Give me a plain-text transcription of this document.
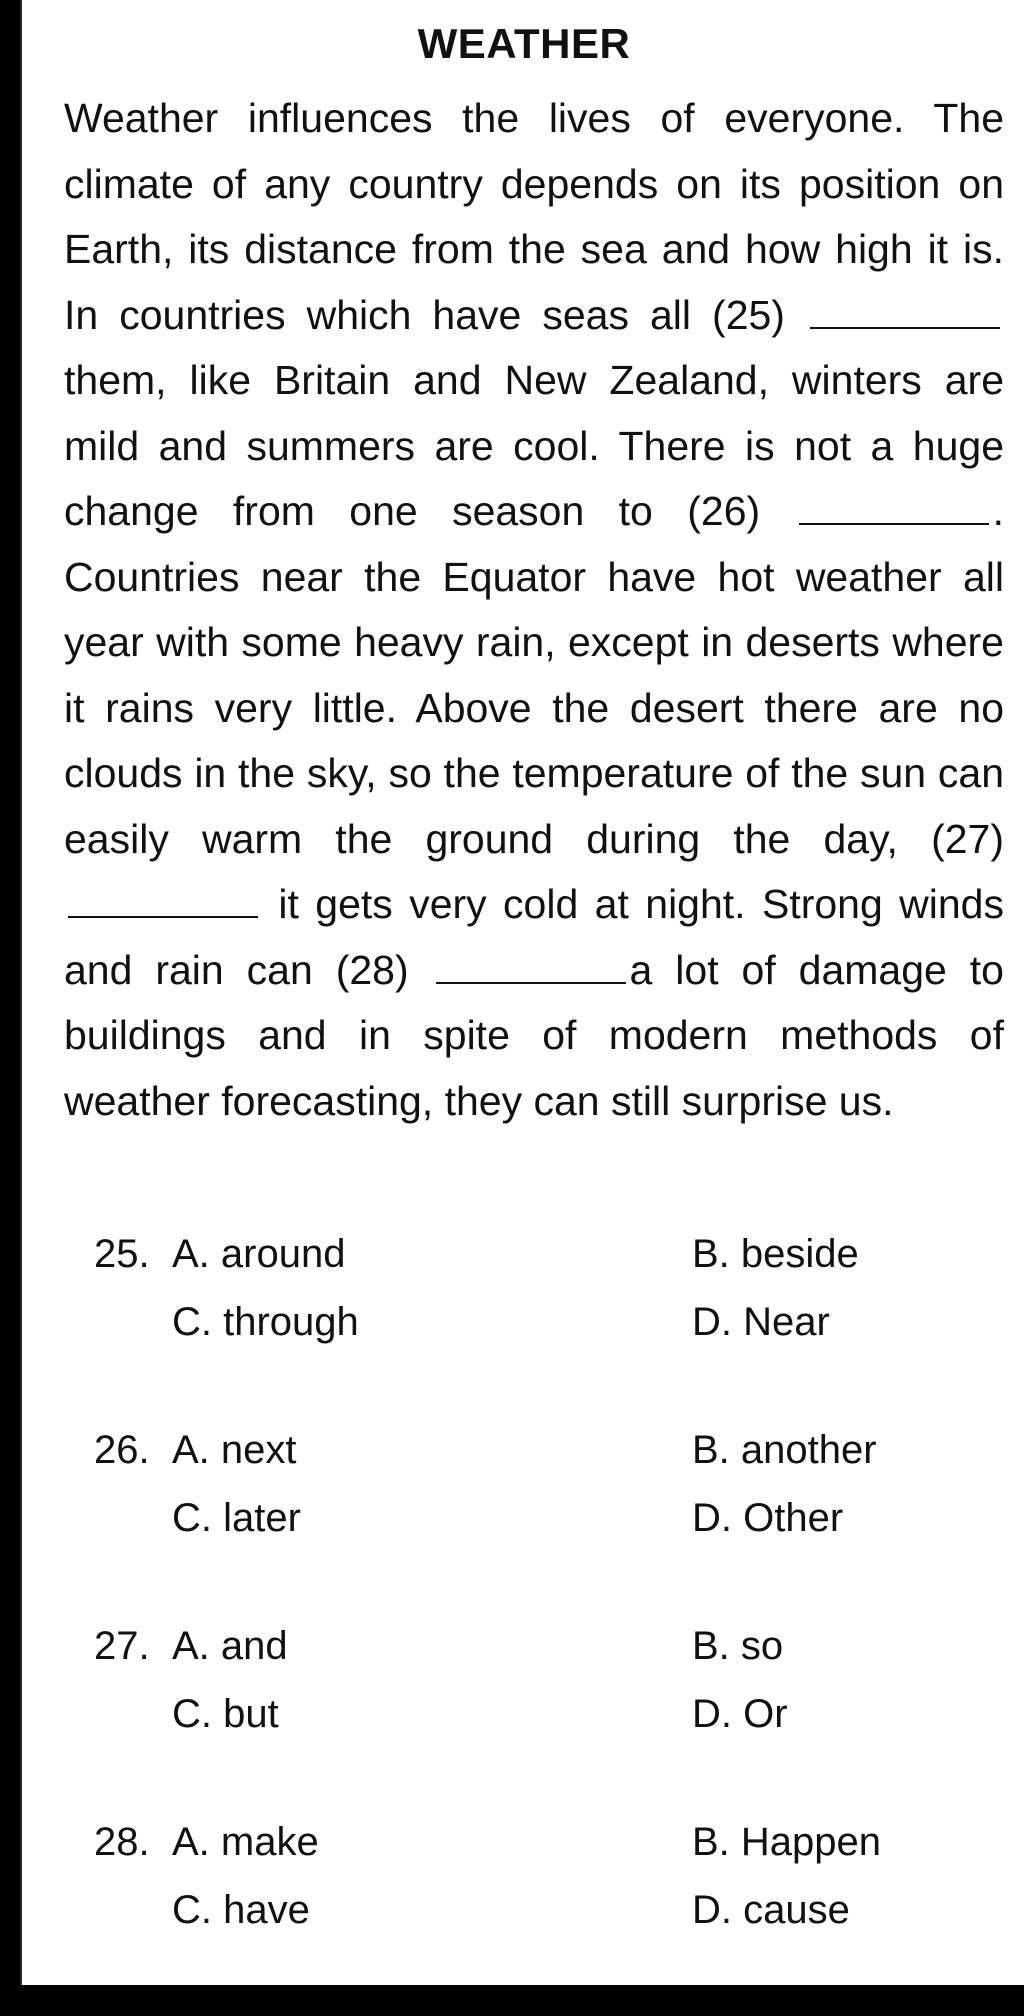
WEATHER

Weather influences the lives of everyone. The climate of any country depends on its position on Earth, its distance from the sea and how high it is. In countries which have seas all (25)  them, like Britain and New Zealand, winters are mild and summers are cool. There is not a huge change from one season to (26)	. Countries near the Equator have hot weather all year with some heavy rain, except in deserts where it rains very little. Above the desert there are no clouds in the sky, so the temperature of the sun can easily warm the ground during the day, (27)  it gets very cold at night. Strong winds and rain can (28)	a lot of damage to buildings and in spite of modern methods of weather forecasting, they can still surprise us.

25. A. around	B. beside
C. through	D. Near
26. A. next	B. another
C. later	D. Other
27. A. and	B. so
C. but	D. Or
28. A. make	B. Happen
C. have	D. cause
